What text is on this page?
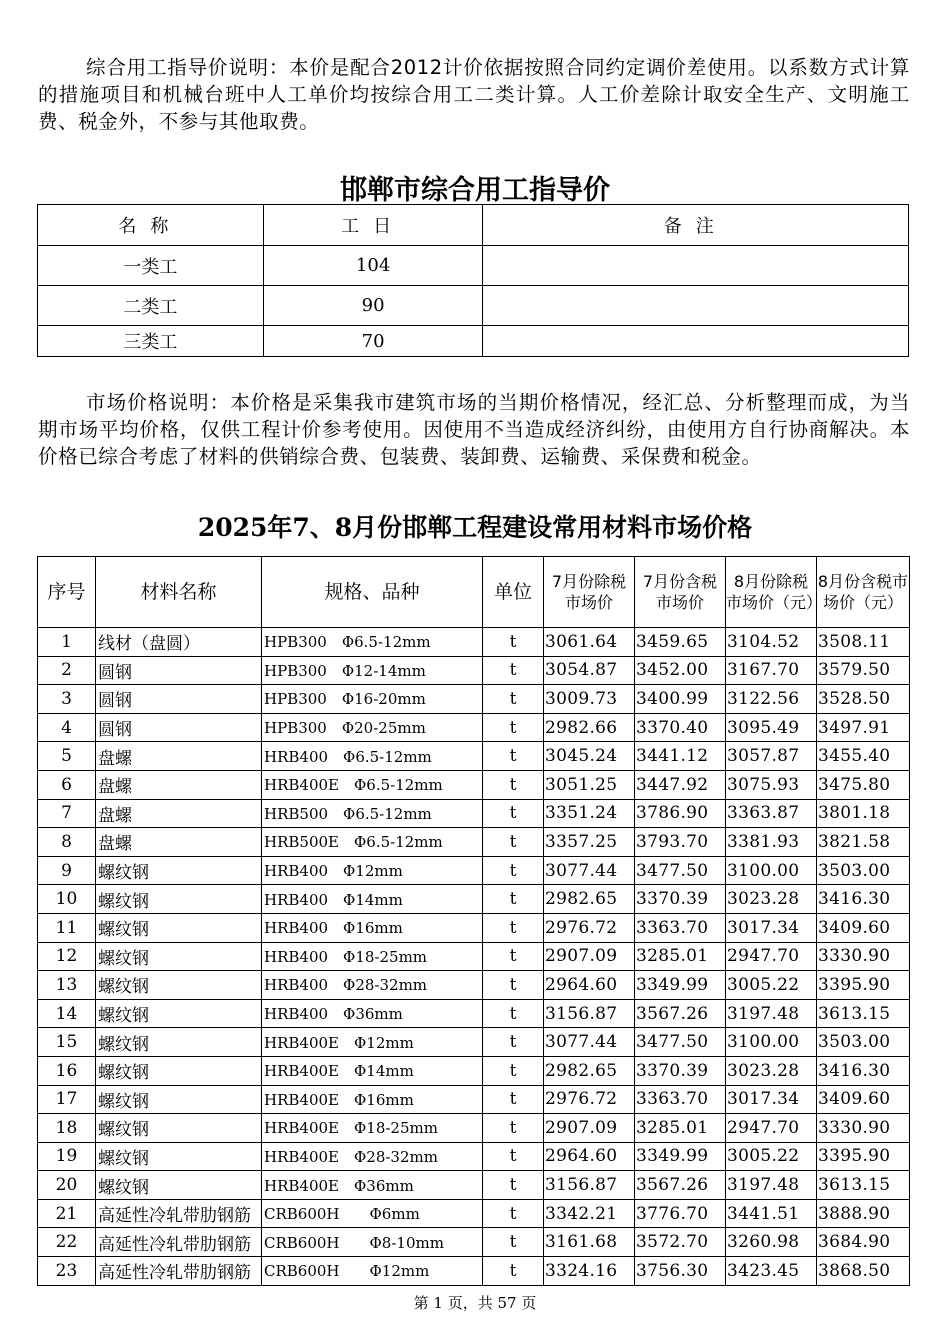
综合用工指导价说明：本价是配合2012计价依据按照合同约定调价差使用。以系数方式计算的措施项目和机械台班中人工单价均按综合用工二类计算。人工价差除计取安全生产、文明施工费、税金外，不参与其他取费。
邯郸市综合用工指导价
名称	工日	备注
一类工	104	
二类工	90	
三类工	70	
市场价格说明：本价格是采集我市建筑市场的当期价格情况，经汇总、分析整理而成，为当期市场平均价格，仅供工程计价参考使用。因使用不当造成经济纠纷，由使用方自行协商解决。本价格已综合考虑了材料的供销综合费、包装费、装卸费、运输费、采保费和税金。
2025年7、8月份邯郸工程建设常用材料市场价格
序号	材料名称	规格、品种	单位	7月份除税市场价	7月份含税市场价	8月份除税市场价（元）	8月份含税市场价（元）
1	线材（盘圆）	HPB300　Φ6.5-12mm	t	3061.64	3459.65	3104.52	3508.11
2	圆钢	HPB300　Φ12-14mm	t	3054.87	3452.00	3167.70	3579.50
3	圆钢	HPB300　Φ16-20mm	t	3009.73	3400.99	3122.56	3528.50
4	圆钢	HPB300　Φ20-25mm	t	2982.66	3370.40	3095.49	3497.91
5	盘螺	HRB400　Φ6.5-12mm	t	3045.24	3441.12	3057.87	3455.40
6	盘螺	HRB400E　Φ6.5-12mm	t	3051.25	3447.92	3075.93	3475.80
7	盘螺	HRB500　Φ6.5-12mm	t	3351.24	3786.90	3363.87	3801.18
8	盘螺	HRB500E　Φ6.5-12mm	t	3357.25	3793.70	3381.93	3821.58
9	螺纹钢	HRB400　Φ12mm	t	3077.44	3477.50	3100.00	3503.00
10	螺纹钢	HRB400　Φ14mm	t	2982.65	3370.39	3023.28	3416.30
11	螺纹钢	HRB400　Φ16mm	t	2976.72	3363.70	3017.34	3409.60
12	螺纹钢	HRB400　Φ18-25mm	t	2907.09	3285.01	2947.70	3330.90
13	螺纹钢	HRB400　Φ28-32mm	t	2964.60	3349.99	3005.22	3395.90
14	螺纹钢	HRB400　Φ36mm	t	3156.87	3567.26	3197.48	3613.15
15	螺纹钢	HRB400E　Φ12mm	t	3077.44	3477.50	3100.00	3503.00
16	螺纹钢	HRB400E　Φ14mm	t	2982.65	3370.39	3023.28	3416.30
17	螺纹钢	HRB400E　Φ16mm	t	2976.72	3363.70	3017.34	3409.60
18	螺纹钢	HRB400E　Φ18-25mm	t	2907.09	3285.01	2947.70	3330.90
19	螺纹钢	HRB400E　Φ28-32mm	t	2964.60	3349.99	3005.22	3395.90
20	螺纹钢	HRB400E　Φ36mm	t	3156.87	3567.26	3197.48	3613.15
21	高延性冷轧带肋钢筋	CRB600H　　Φ6mm	t	3342.21	3776.70	3441.51	3888.90
22	高延性冷轧带肋钢筋	CRB600H　　Φ8-10mm	t	3161.68	3572.70	3260.98	3684.90
23	高延性冷轧带肋钢筋	CRB600H　　Φ12mm	t	3324.16	3756.30	3423.45	3868.50
第 1 页，共 57 页
